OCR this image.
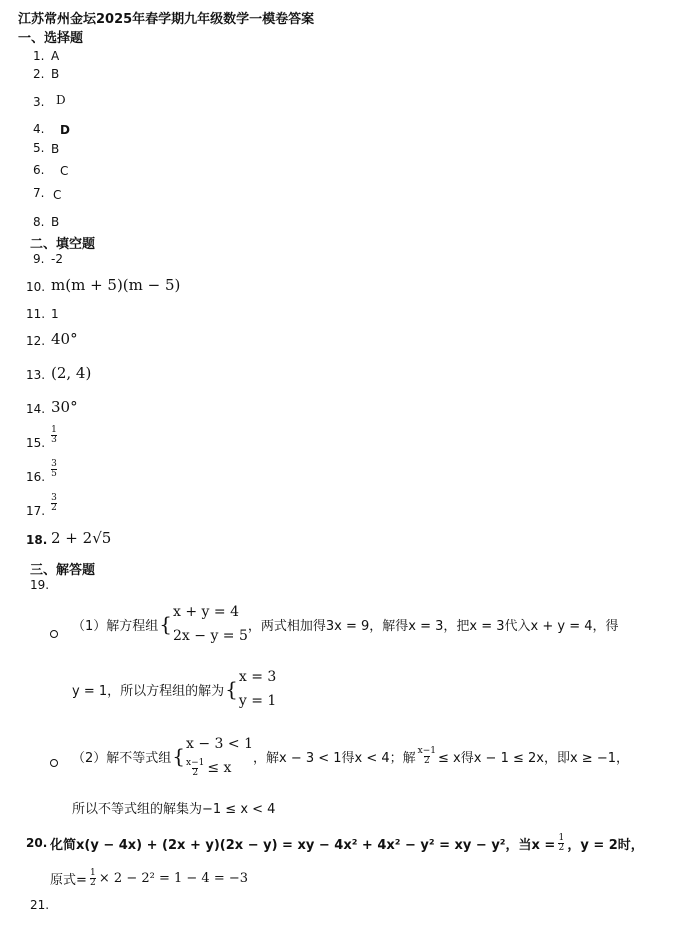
江苏常州金坛2025年春学期九年级数学一模卷答案
一、选择题
1. A
2. B
3. D
4. D
5. B
6. C
7. C
8. B
二、填空题
9. -2
10. m(m + 5)(m − 5)
11. 1
12. 40°
13. (2, 4)
14. 30°
15. $\frac{1}{3}$
16. $\frac{3}{5}$
17. $\frac{3}{2}$
18. 2 + 2√5
三、解答题
19.
（1）解方程组 { x + y = 4
2x − y = 5
，两式相加得3x = 9，解得x = 3，把x = 3代入x + y = 4，得
y = 1，所以方程组的解为 { x = 3
y = 1
（2）解不等式组 { x − 3 < 1
$\frac{x-1}{2} \le x$
，解x − 3 < 1得x < 4；解 $\frac{x-1}{2} \le x$得x − 1 ≤ 2x，即x ≥ −1，
所以不等式组的解集为−1 ≤ x < 4
20. 化简x(y − 4x) + (2x + y)(2x − y) = xy − 4x² + 4x² − y² = xy − y²，当$x = \frac{1}{2}$ ，y = 2时，
原式= $\frac{1}{2} \times 2 - 2^2 = 1 - 4 = -3$
21.
